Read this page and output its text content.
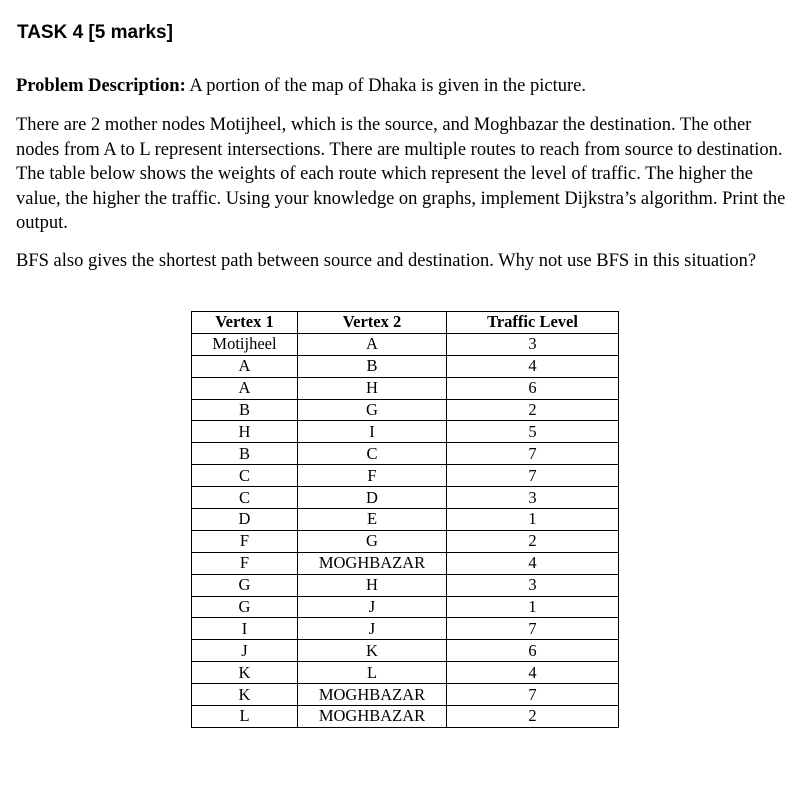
TASK 4 [5 marks]
Problem Description: A portion of the map of Dhaka is given in the picture.
There are 2 mother nodes Motijheel, which is the source, and Moghbazar the destination. The other nodes from A to L represent intersections. There are multiple routes to reach from source to destination. The table below shows the weights of each route which represent the level of traffic. The higher the value, the higher the traffic. Using your knowledge on graphs, implement Dijkstra’s algorithm. Print the output.
BFS also gives the shortest path between source and destination. Why not use BFS in this situation?
Vertex 1	Vertex 2	Traffic Level
Motijheel	A	3
A	B	4
A	H	6
B	G	2
H	I	5
B	C	7
C	F	7
C	D	3
D	E	1
F	G	2
F	MOGHBAZAR	4
G	H	3
G	J	1
I	J	7
J	K	6
K	L	4
K	MOGHBAZAR	7
L	MOGHBAZAR	2
